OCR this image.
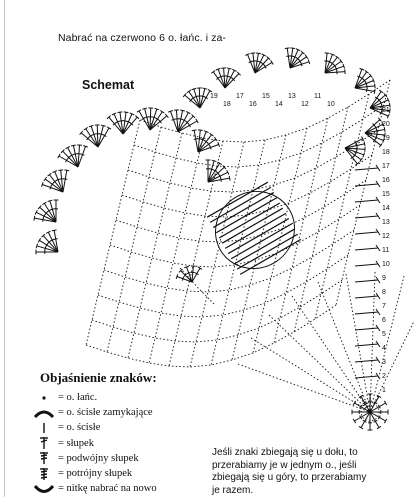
Nabrać na czerwono 6 o. łańc. i za-
Schemat
21
20
19
18
17
16
15
14
13
12
11
10
9
8
7
6
5
4
3
2
1
19
18
17
16
15
14
13
12
11
10
Objaśnienie znaków:
= o. łańc.
= o. ścisłe zamykające
= o. ścisłe
= słupek
= podwójny słupek
= potrójny słupek
= nitkę nabrać na nowo
Jeśli znaki zbiegają się u dołu, to
przerabiamy je w jednym o., jeśli
zbiegają się u góry, to przerabiamy
je razem.
